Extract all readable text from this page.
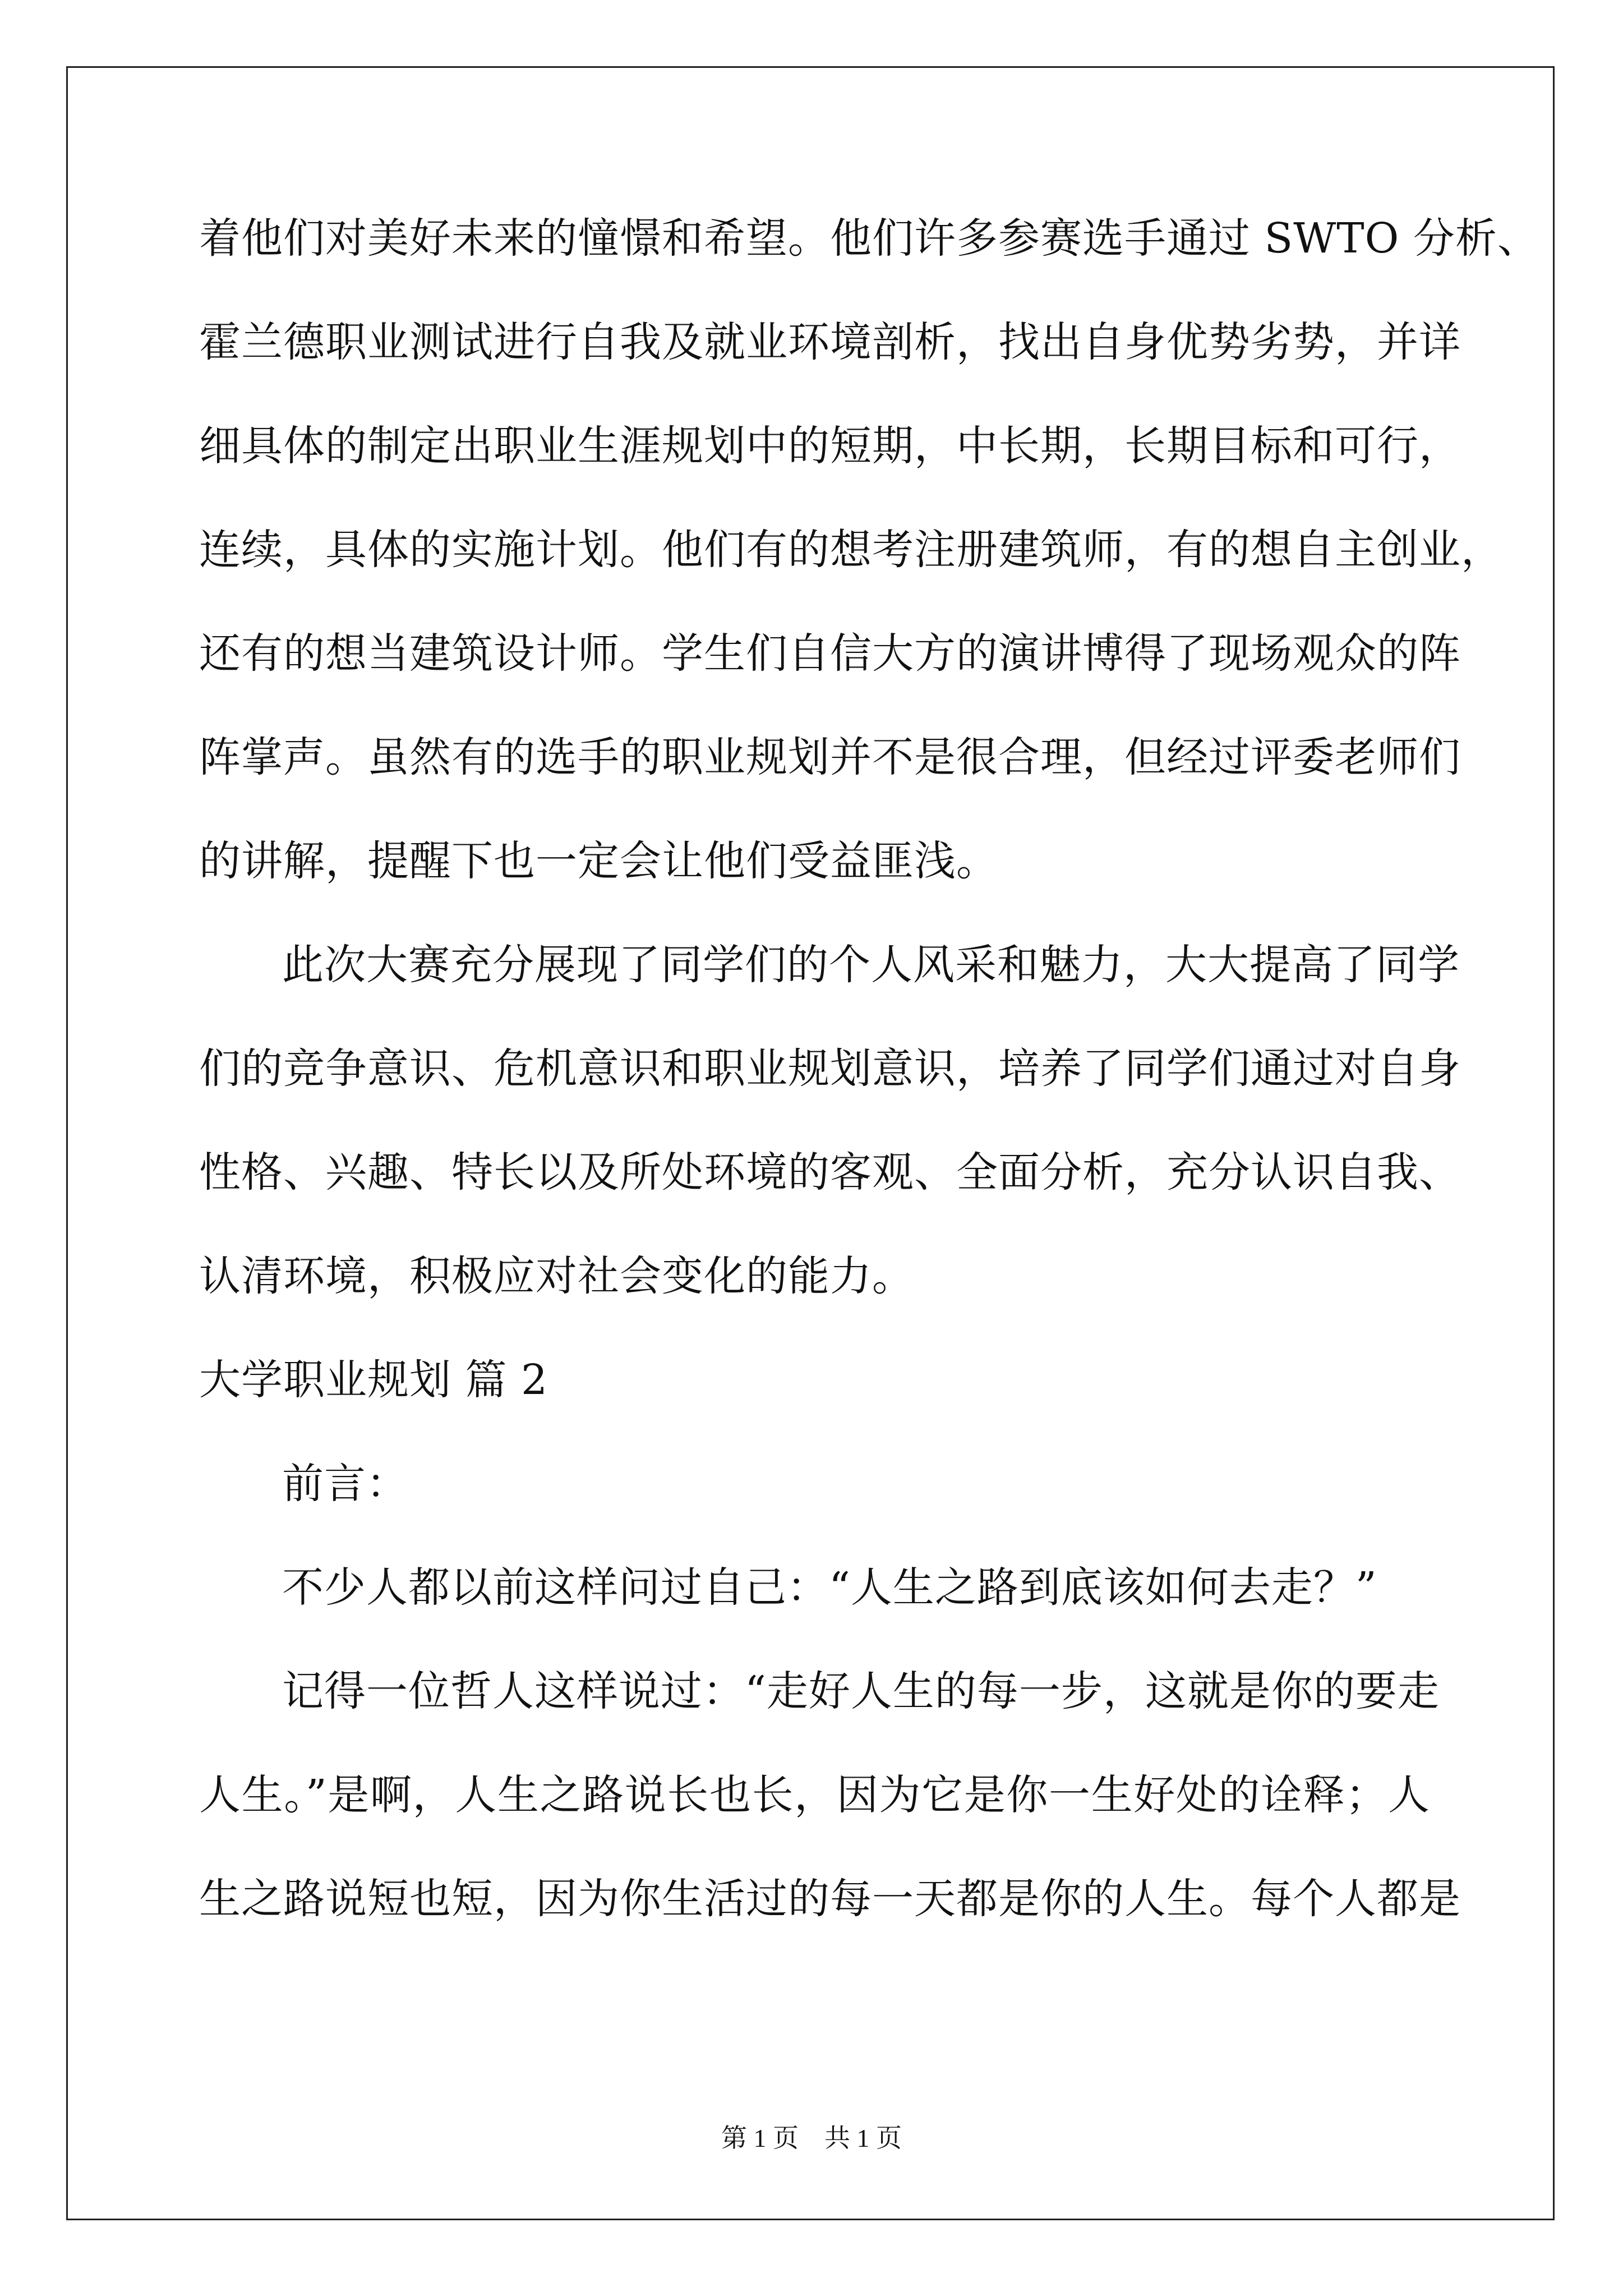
着他们对美好未来的憧憬和希望。他们许多参赛选手通过 SWTO 分析、
霍兰德职业测试进行自我及就业环境剖析，找出自身优势劣势，并详
细具体的制定出职业生涯规划中的短期，中长期，长期目标和可行，
连续，具体的实施计划。他们有的想考注册建筑师，有的想自主创业，
还有的想当建筑设计师。学生们自信大方的演讲博得了现场观众的阵
阵掌声。虽然有的选手的职业规划并不是很合理，但经过评委老师们
的讲解，提醒下也一定会让他们受益匪浅。
此次大赛充分展现了同学们的个人风采和魅力，大大提高了同学
们的竞争意识、危机意识和职业规划意识，培养了同学们通过对自身
性格、兴趣、特长以及所处环境的客观、全面分析，充分认识自我、
认清环境，积极应对社会变化的能力。
大学职业规划 篇 2
前言：
不少人都以前这样问过自己：“人生之路到底该如何去走？”
记得一位哲人这样说过：“走好人生的每一步，这就是你的要走
人生。”是啊，人生之路说长也长，因为它是你一生好处的诠释；人
生之路说短也短，因为你生活过的每一天都是你的人生。每个人都是
第 1 页　共 1 页
